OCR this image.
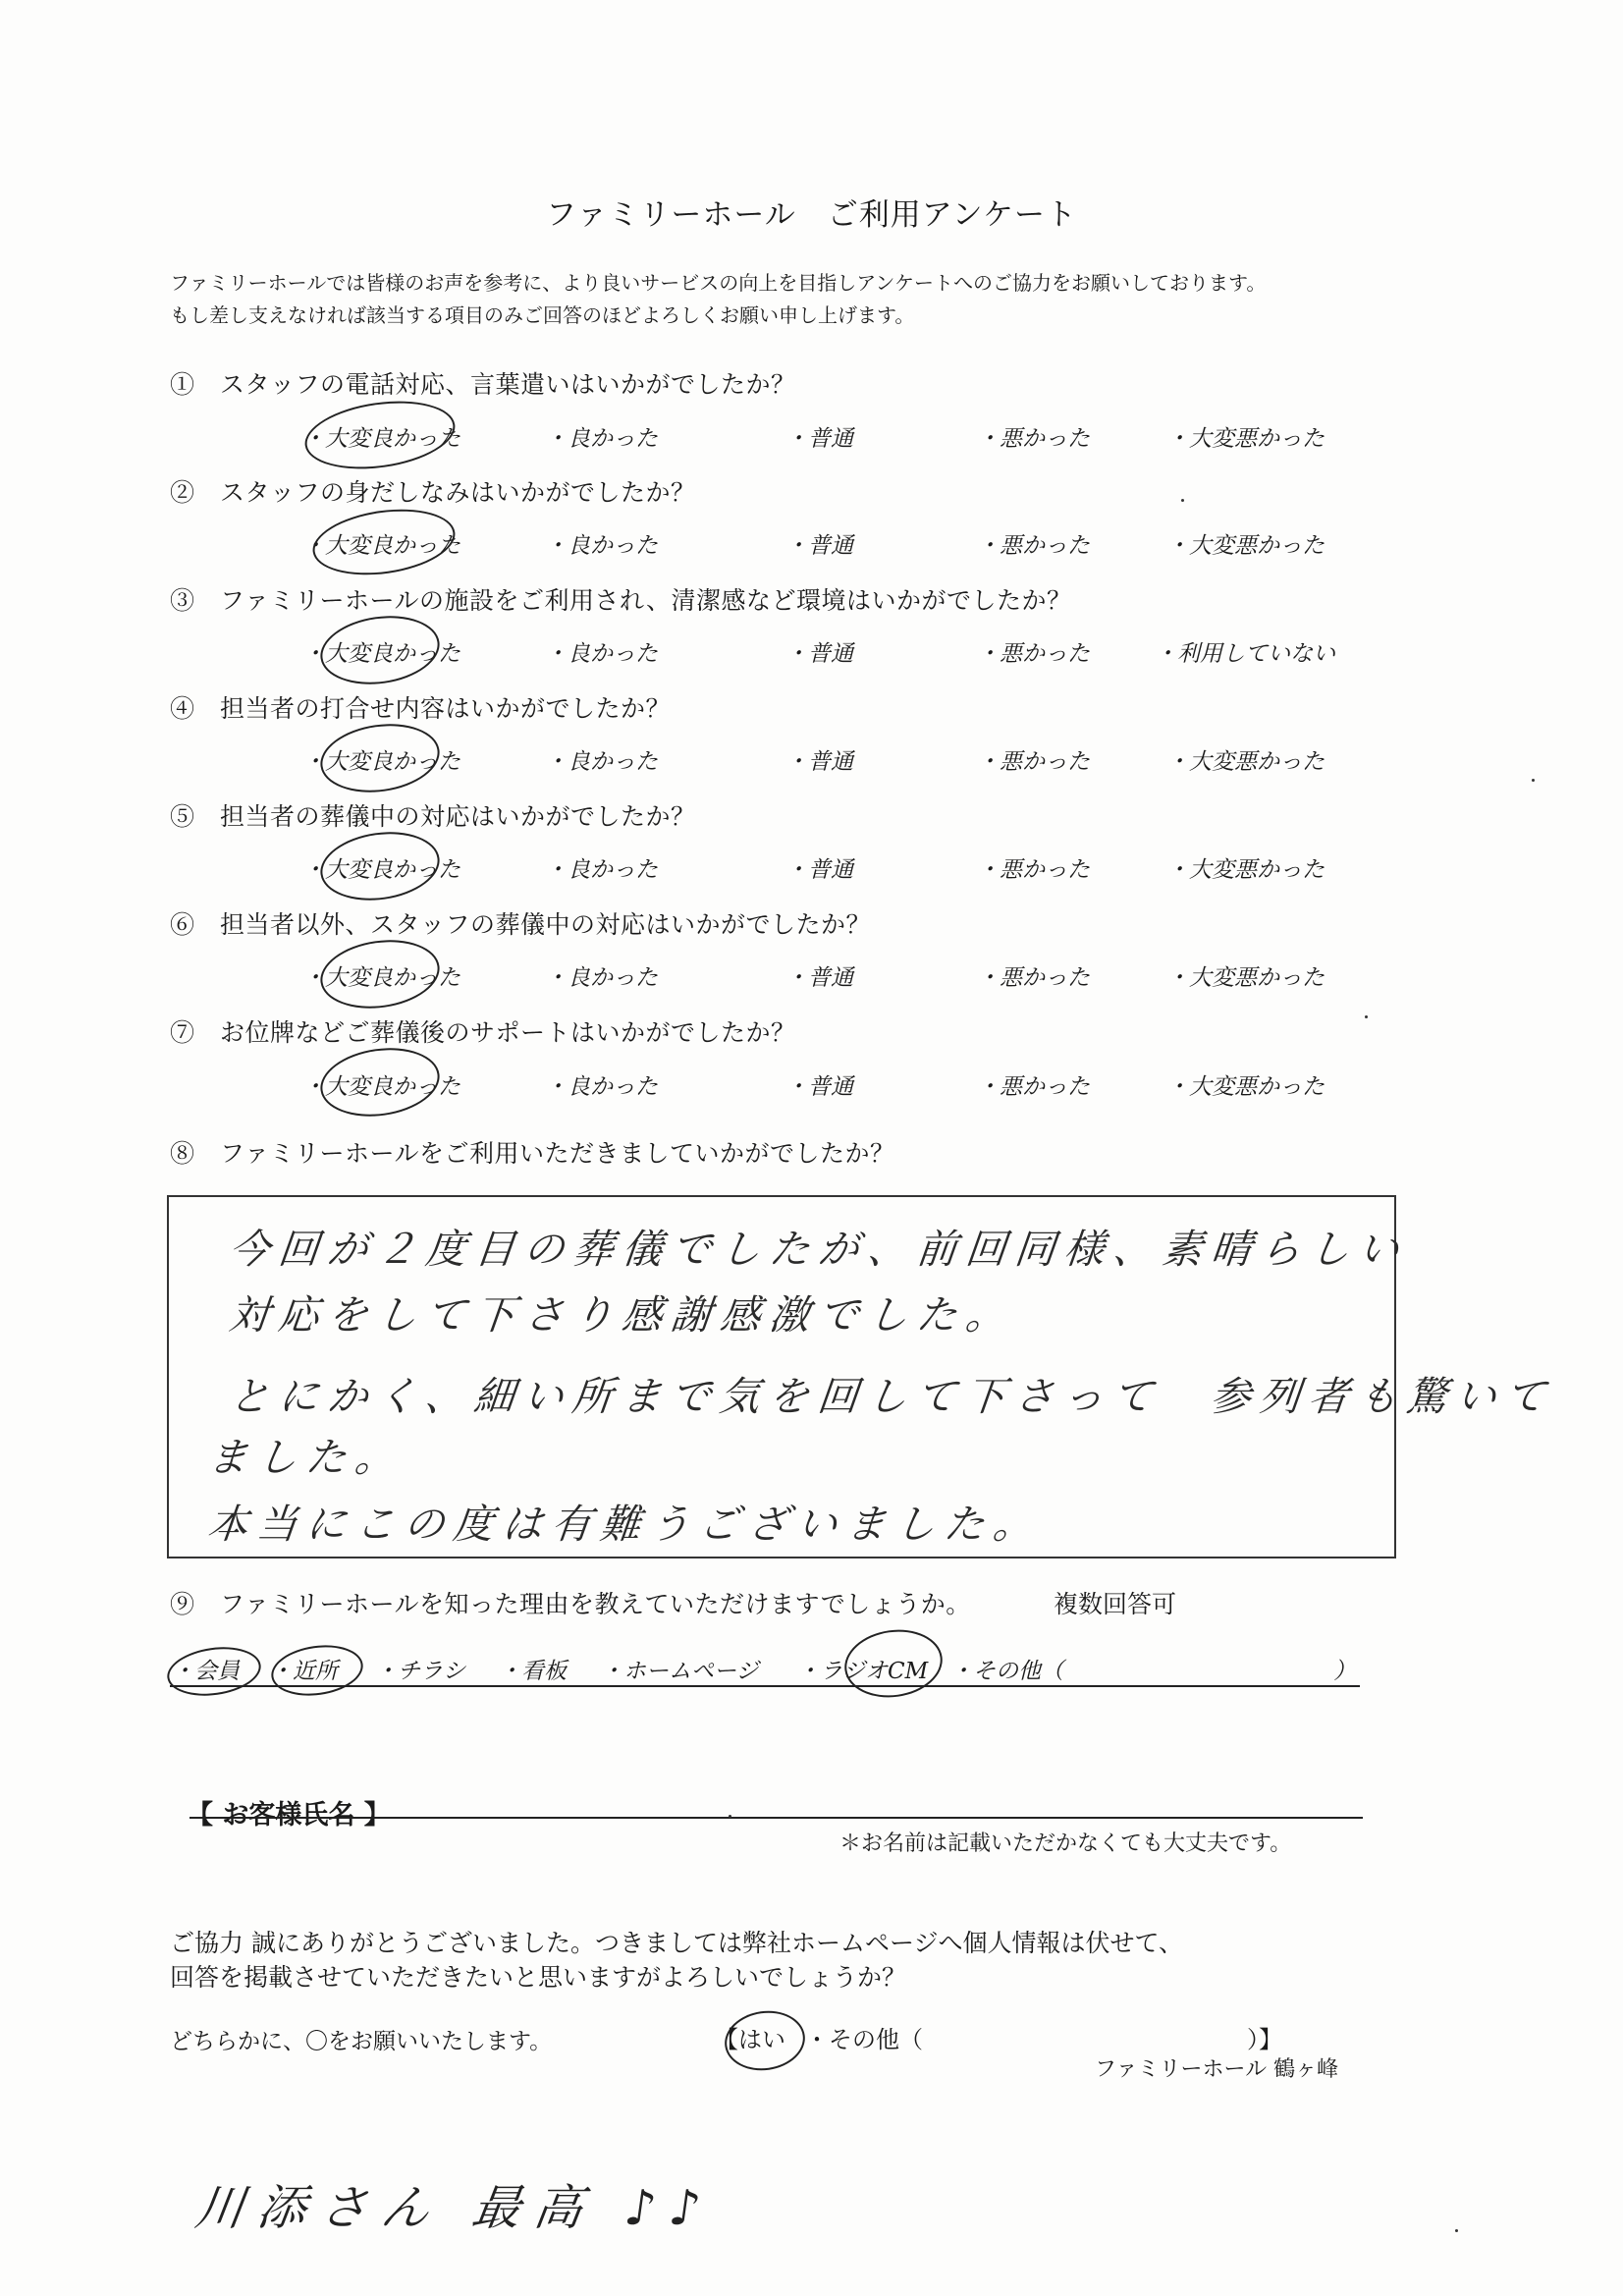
ファミリーホール　ご利用アンケート
ファミリーホールでは皆様のお声を参考に、より良いサービスの向上を目指しアンケートへのご協力をお願いしております。
もし差し支えなければ該当する項目のみご回答のほどよろしくお願い申し上げます。
①　スタッフの電話対応、言葉遣いはいかがでしたか？
・大変良かった	・良かった	・普通	・悪かった	・大変悪かった
②　スタッフの身だしなみはいかがでしたか？
・大変良かった	・良かった	・普通	・悪かった	・大変悪かった
③　ファミリーホールの施設をご利用され、清潔感など環境はいかがでしたか？
・大変良かった	・良かった	・普通	・悪かった	・利用していない
④　担当者の打合せ内容はいかがでしたか？
・大変良かった	・良かった	・普通	・悪かった	・大変悪かった
⑤　担当者の葬儀中の対応はいかがでしたか？
・大変良かった	・良かった	・普通	・悪かった	・大変悪かった
⑥　担当者以外、スタッフの葬儀中の対応はいかがでしたか？
・大変良かった	・良かった	・普通	・悪かった	・大変悪かった
⑦　お位牌などご葬儀後のサポートはいかがでしたか？
・大変良かった	・良かった	・普通	・悪かった	・大変悪かった
⑧　ファミリーホールをご利用いただきましていかがでしたか？
今回が２度目の葬儀でしたが、前回同様、素晴らしい
対応をして下さり感謝感激でした。
とにかく、細い所まで気を回して下さって　参列者も驚いて
ました。
本当にこの度は有難うございました。
⑨　ファミリーホールを知った理由を教えていただけますでしょうか。	複数回答可
・会員 ・近所 ・チラシ ・看板 ・ホームページ ・ラジオCM ・その他（	）
【 お客様氏名 】
＊お名前は記載いただかなくても大丈夫です。
ご協力 誠にありがとうございました。つきましては弊社ホームページへ個人情報は伏せて、
回答を掲載させていただきたいと思いますがよろしいでしょうか？
どちらかに、〇をお願いいたします。	【はい ・その他（	）】
ファミリーホール 鶴ヶ峰
川添さん 最高 ♪♪
